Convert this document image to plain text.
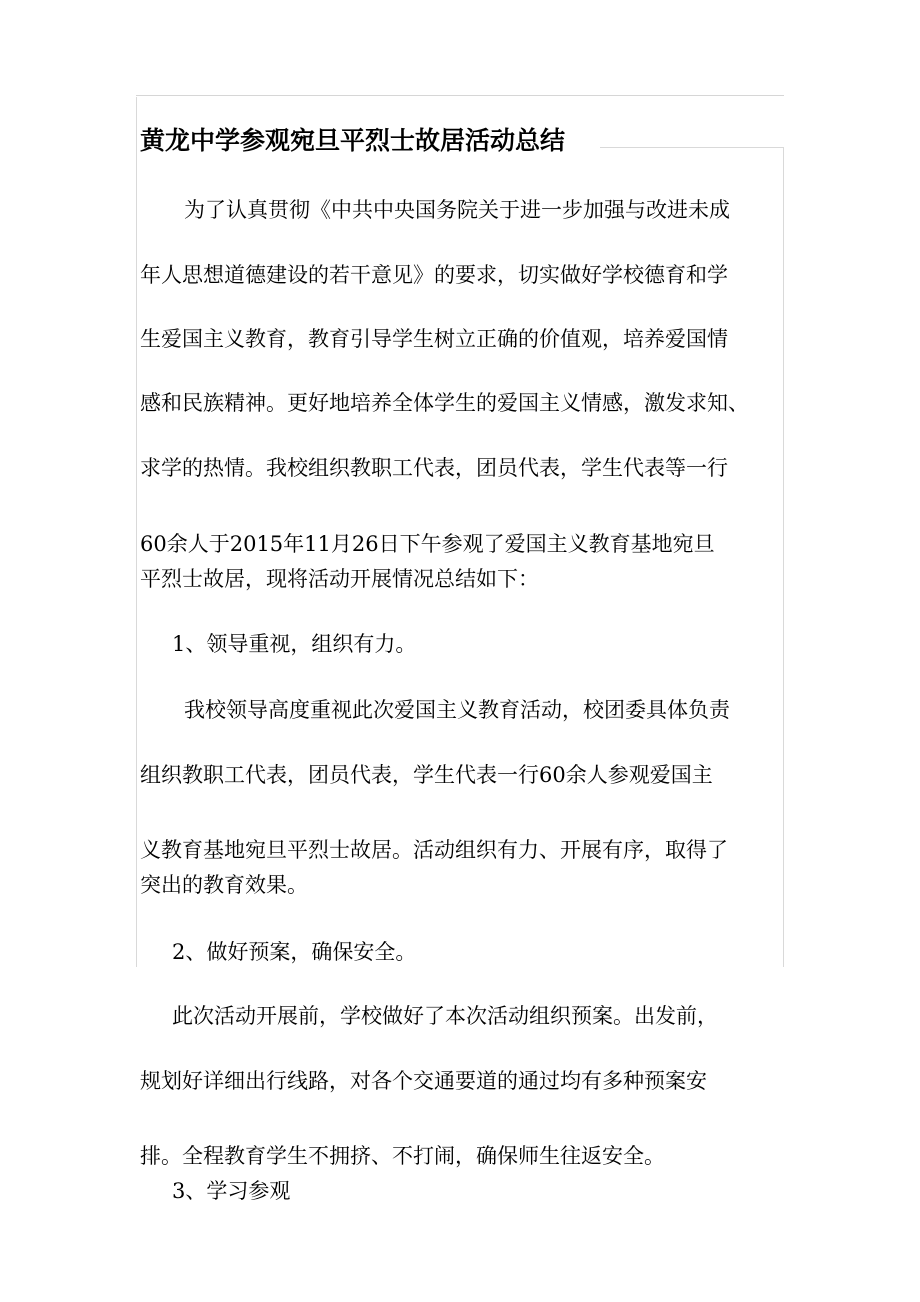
黄龙中学参观宛旦平烈士故居活动总结
为了认真贯彻《中共中央国务院关于进一步加强与改进未成
年人思想道德建设的若干意见》的要求，切实做好学校德育和学
生爱国主义教育，教育引导学生树立正确的价值观，培养爱国情
感和民族精神。更好地培养全体学生的爱国主义情感，激发求知、
求学的热情。我校组织教职工代表，团员代表，学生代表等一行
60余人于2015年11月26日下午参观了爱国主义教育基地宛旦
平烈士故居，现将活动开展情况总结如下：
1、领导重视，组织有力。
我校领导高度重视此次爱国主义教育活动，校团委具体负责
组织教职工代表，团员代表，学生代表一行60余人参观爱国主
义教育基地宛旦平烈士故居。活动组织有力、开展有序，取得了
突出的教育效果。
2、做好预案，确保安全。
此次活动开展前，学校做好了本次活动组织预案。出发前，
规划好详细出行线路，对各个交通要道的通过均有多种预案安
排。全程教育学生不拥挤、不打闹，确保师生往返安全。
3、学习参观
